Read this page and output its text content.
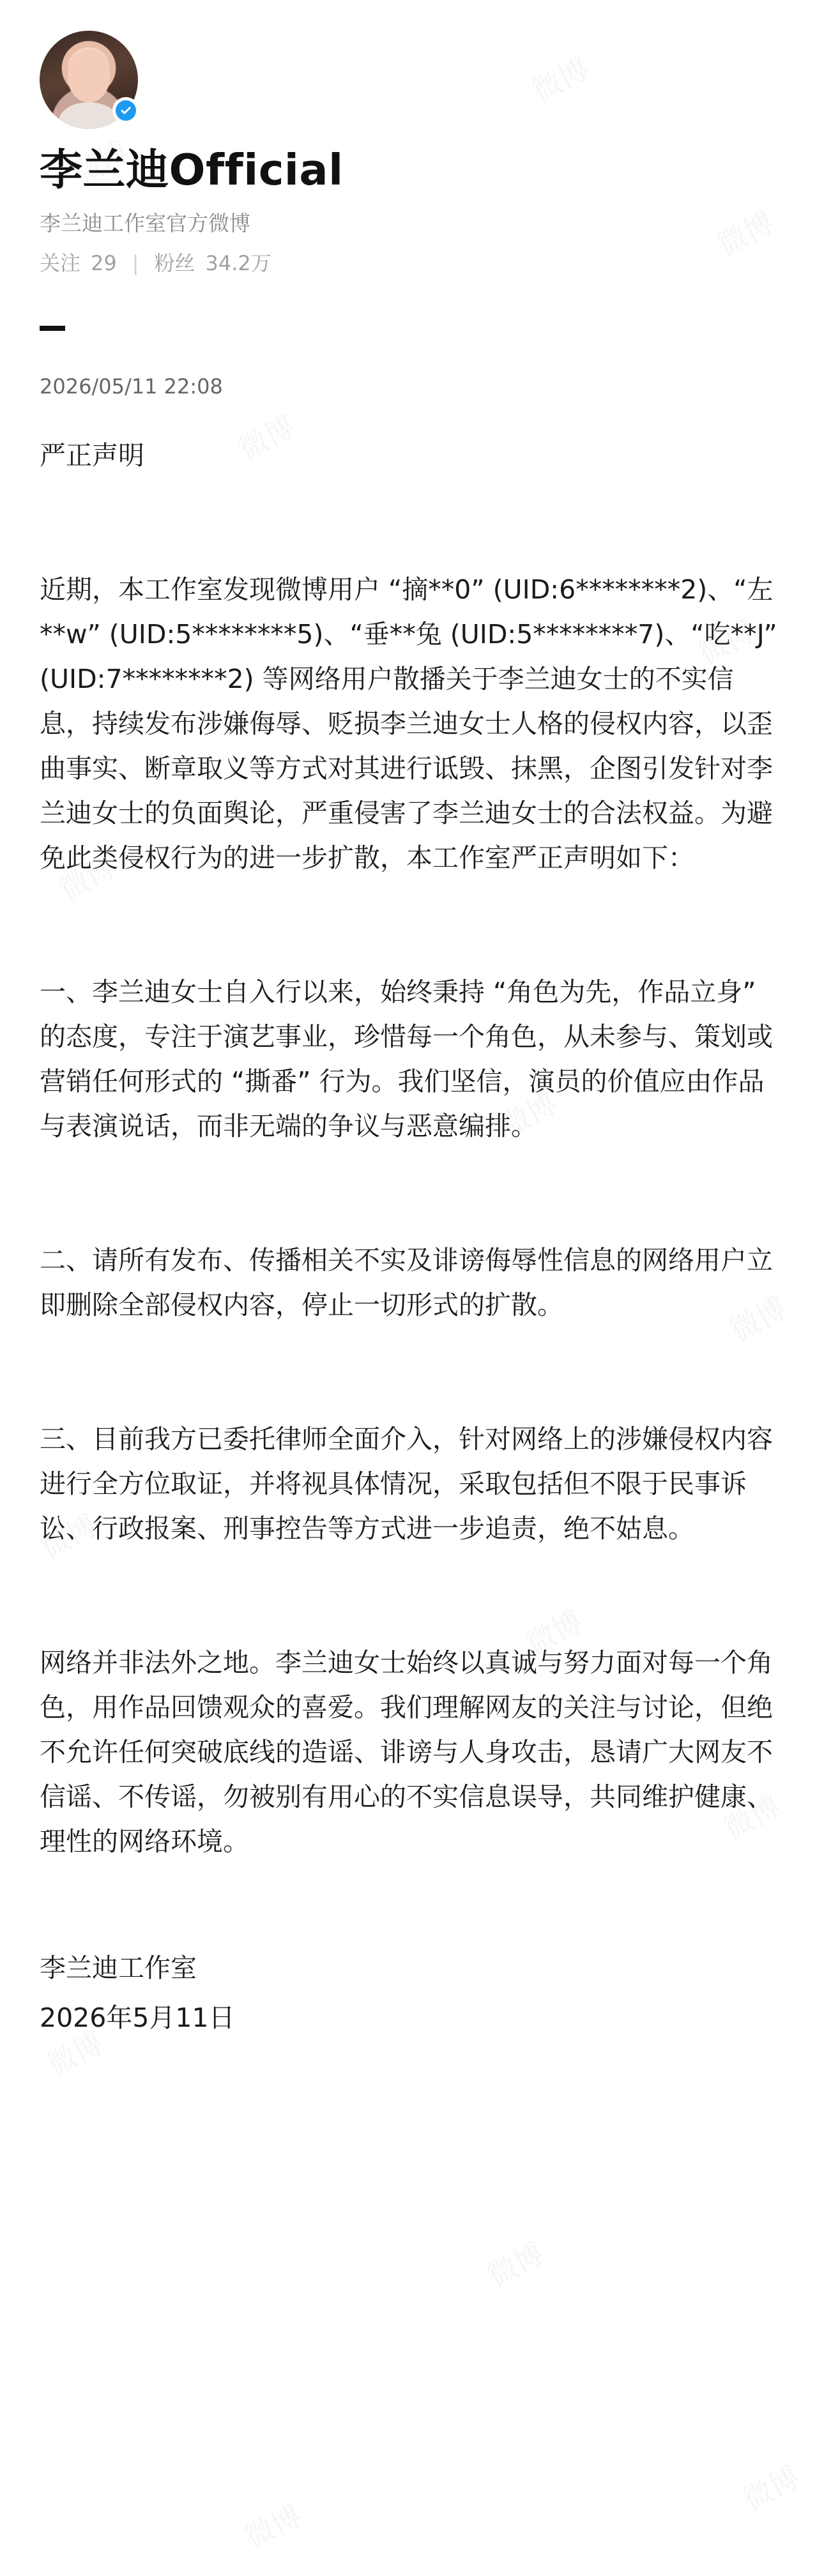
李兰迪Official
李兰迪工作室官方微博
关注 29 | 粉丝 34.2万
2026/05/11 22:08

严正声明

近期，本工作室发现微博用户 “摘**0” (UID:6********2)、“左**w” (UID:5********5)、“垂**兔 (UID:5********7)、“吃**J” (UID:7********2) 等网络用户散播关于李兰迪女士的不实信息，持续发布涉嫌侮辱、贬损李兰迪女士人格的侵权内容，以歪曲事实、断章取义等方式对其进行诋毁、抹黑，企图引发针对李兰迪女士的负面舆论，严重侵害了李兰迪女士的合法权益。为避免此类侵权行为的进一步扩散，本工作室严正声明如下：

一、李兰迪女士自入行以来，始终秉持 “角色为先，作品立身” 的态度，专注于演艺事业，珍惜每一个角色，从未参与、策划或营销任何形式的 “撕番” 行为。我们坚信，演员的价值应由作品与表演说话，而非无端的争议与恶意编排。

二、请所有发布、传播相关不实及诽谤侮辱性信息的网络用户立即删除全部侵权内容，停止一切形式的扩散。

三、目前我方已委托律师全面介入，针对网络上的涉嫌侵权内容进行全方位取证，并将视具体情况，采取包括但不限于民事诉讼、行政报案、刑事控告等方式进一步追责，绝不姑息。

网络并非法外之地。李兰迪女士始终以真诚与努力面对每一个角色，用作品回馈观众的喜爱。我们理解网友的关注与讨论，但绝不允许任何突破底线的造谣、诽谤与人身攻击，恳请广大网友不信谣、不传谣，勿被别有用心的不实信息误导，共同维护健康、理性的网络环境。

李兰迪工作室
2026年5月11日
